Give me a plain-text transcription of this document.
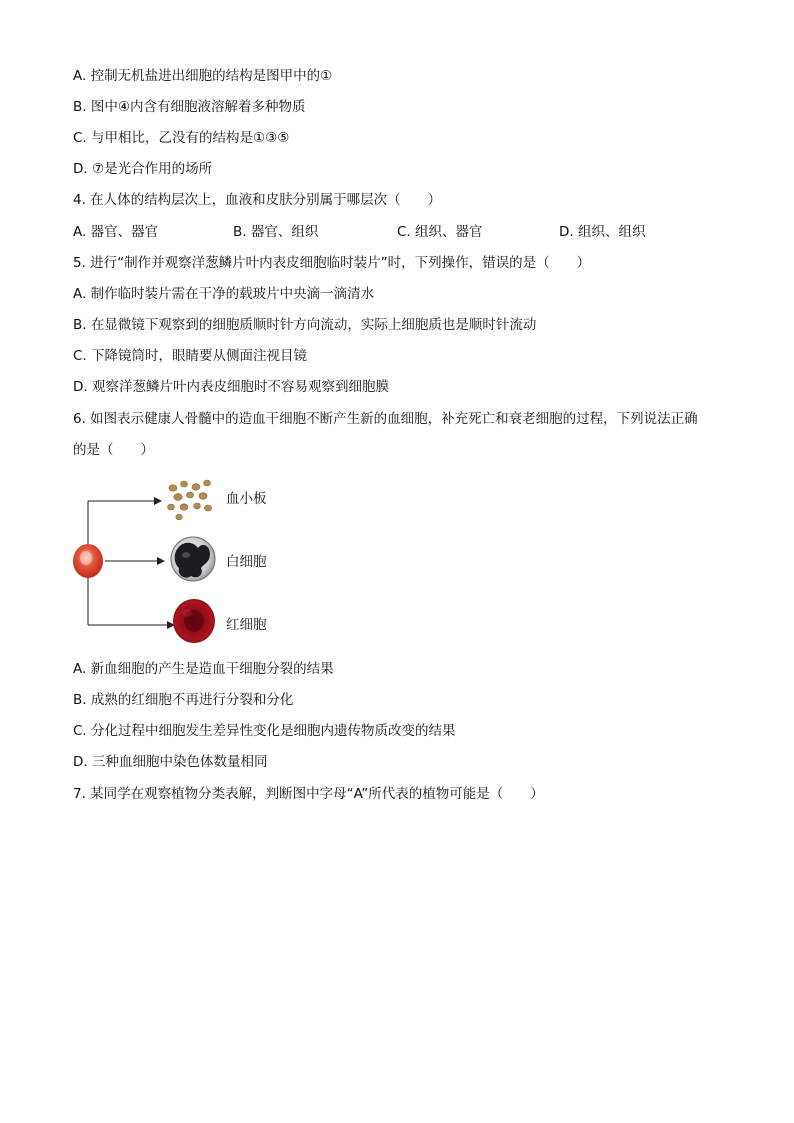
A. 控制无机盐进出细胞的结构是图甲中的①
B. 图中④内含有细胞液溶解着多种物质
C. 与甲相比，乙没有的结构是①③⑤
D. ⑦是光合作用的场所
4. 在人体的结构层次上，血液和皮肤分别属于哪层次（　　）
A. 器官、器官	B. 器官、组织	C. 组织、器官	D. 组织、组织
5. 进行“制作并观察洋葱鳞片叶内表皮细胞临时装片”时，下列操作，错误的是（　　）
A. 制作临时装片需在干净的载玻片中央滴一滴清水
B. 在显微镜下观察到的细胞质顺时针方向流动，实际上细胞质也是顺时针流动
C. 下降镜筒时，眼睛要从侧面注视目镜
D. 观察洋葱鳞片叶内表皮细胞时不容易观察到细胞膜
6. 如图表示健康人骨髓中的造血干细胞不断产生新的血细胞，补充死亡和衰老细胞的过程，下列说法正确
的是（　　）
血小板
白细胞
红细胞
A. 新血细胞的产生是造血干细胞分裂的结果
B. 成熟的红细胞不再进行分裂和分化
C. 分化过程中细胞发生差异性变化是细胞内遗传物质改变的结果
D. 三种血细胞中染色体数量相同
7. 某同学在观察植物分类表解，判断图中字母“A”所代表的植物可能是（　　）
